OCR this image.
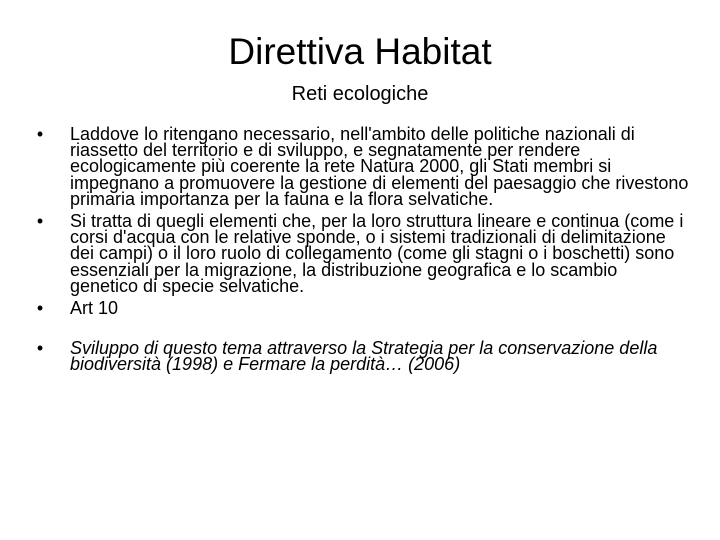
Direttiva Habitat
Reti ecologiche
•	Laddove lo ritengano necessario, nell'ambito delle politiche nazionali di riassetto del territorio e di sviluppo, e segnatamente per rendere ecologicamente più coerente la rete Natura 2000, gli Stati membri si impegnano a promuovere la gestione di elementi del paesaggio che rivestono primaria importanza per la fauna e la flora selvatiche.
•	Si tratta di quegli elementi che, per la loro struttura lineare e continua (come i corsi d'acqua con le relative sponde, o i sistemi tradizionali di delimitazione dei campi) o il loro ruolo di collegamento (come gli stagni o i boschetti) sono essenziali per la migrazione, la distribuzione geografica e lo scambio genetico di specie selvatiche.
•	Art 10
•	Sviluppo di questo tema attraverso la Strategia per la conservazione della biodiversità (1998) e Fermare la perdità… (2006)
